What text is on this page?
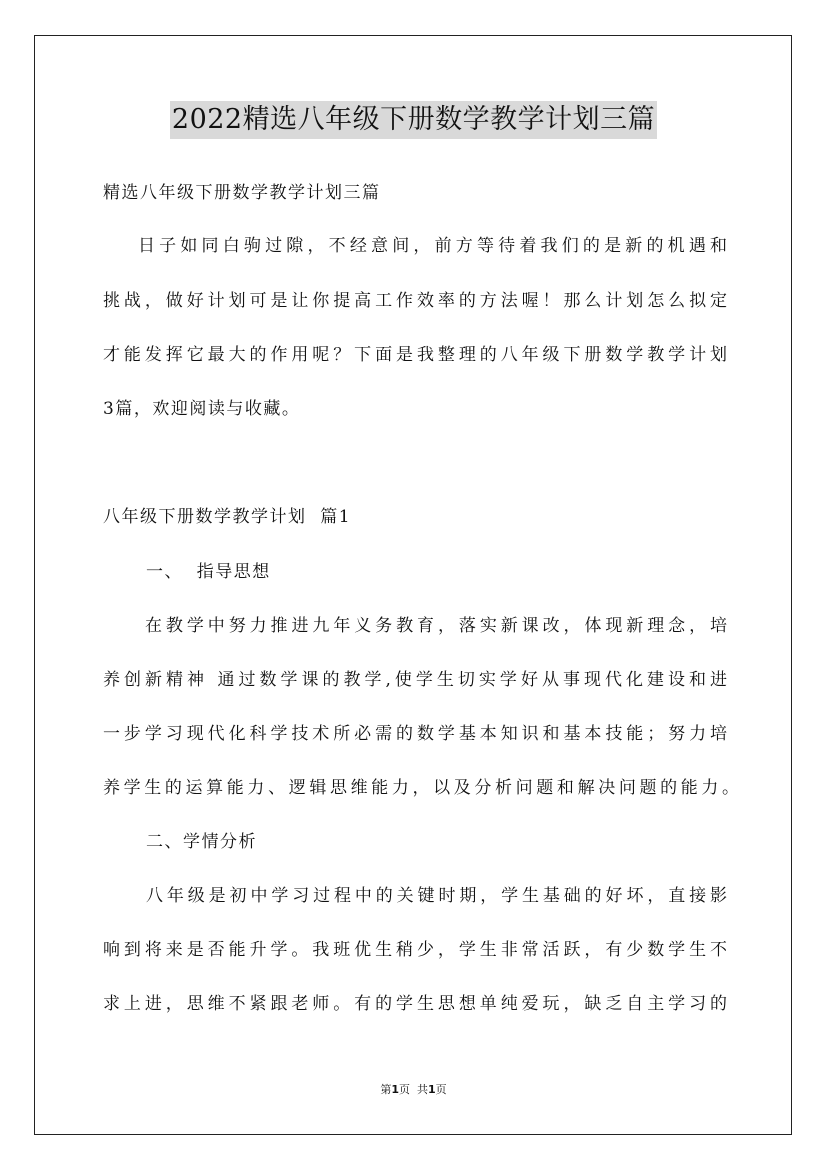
2022精选八年级下册数学教学计划三篇
精选八年级下册数学教学计划三篇
日子如同白驹过隙，不经意间，前方等待着我们的是新的机遇和
挑战，做好计划可是让你提高工作效率的方法喔！那么计划怎么拟定
才能发挥它最大的作用呢？下面是我整理的八年级下册数学教学计划
3篇，欢迎阅读与收藏。
八年级下册数学教学计划  篇1
一、  指导思想
在教学中努力推进九年义务教育，落实新课改，体现新理念，培
养创新精神 通过数学课的教学,使学生切实学好从事现代化建设和进
一步学习现代化科学技术所必需的数学基本知识和基本技能；努力培
养学生的运算能力、逻辑思维能力，以及分析问题和解决问题的能力。
二、学情分析
八年级是初中学习过程中的关键时期，学生基础的好坏，直接影
响到将来是否能升学。我班优生稍少，学生非常活跃，有少数学生不
求上进，思维不紧跟老师。有的学生思想单纯爱玩，缺乏自主学习的
第1页  共1页
